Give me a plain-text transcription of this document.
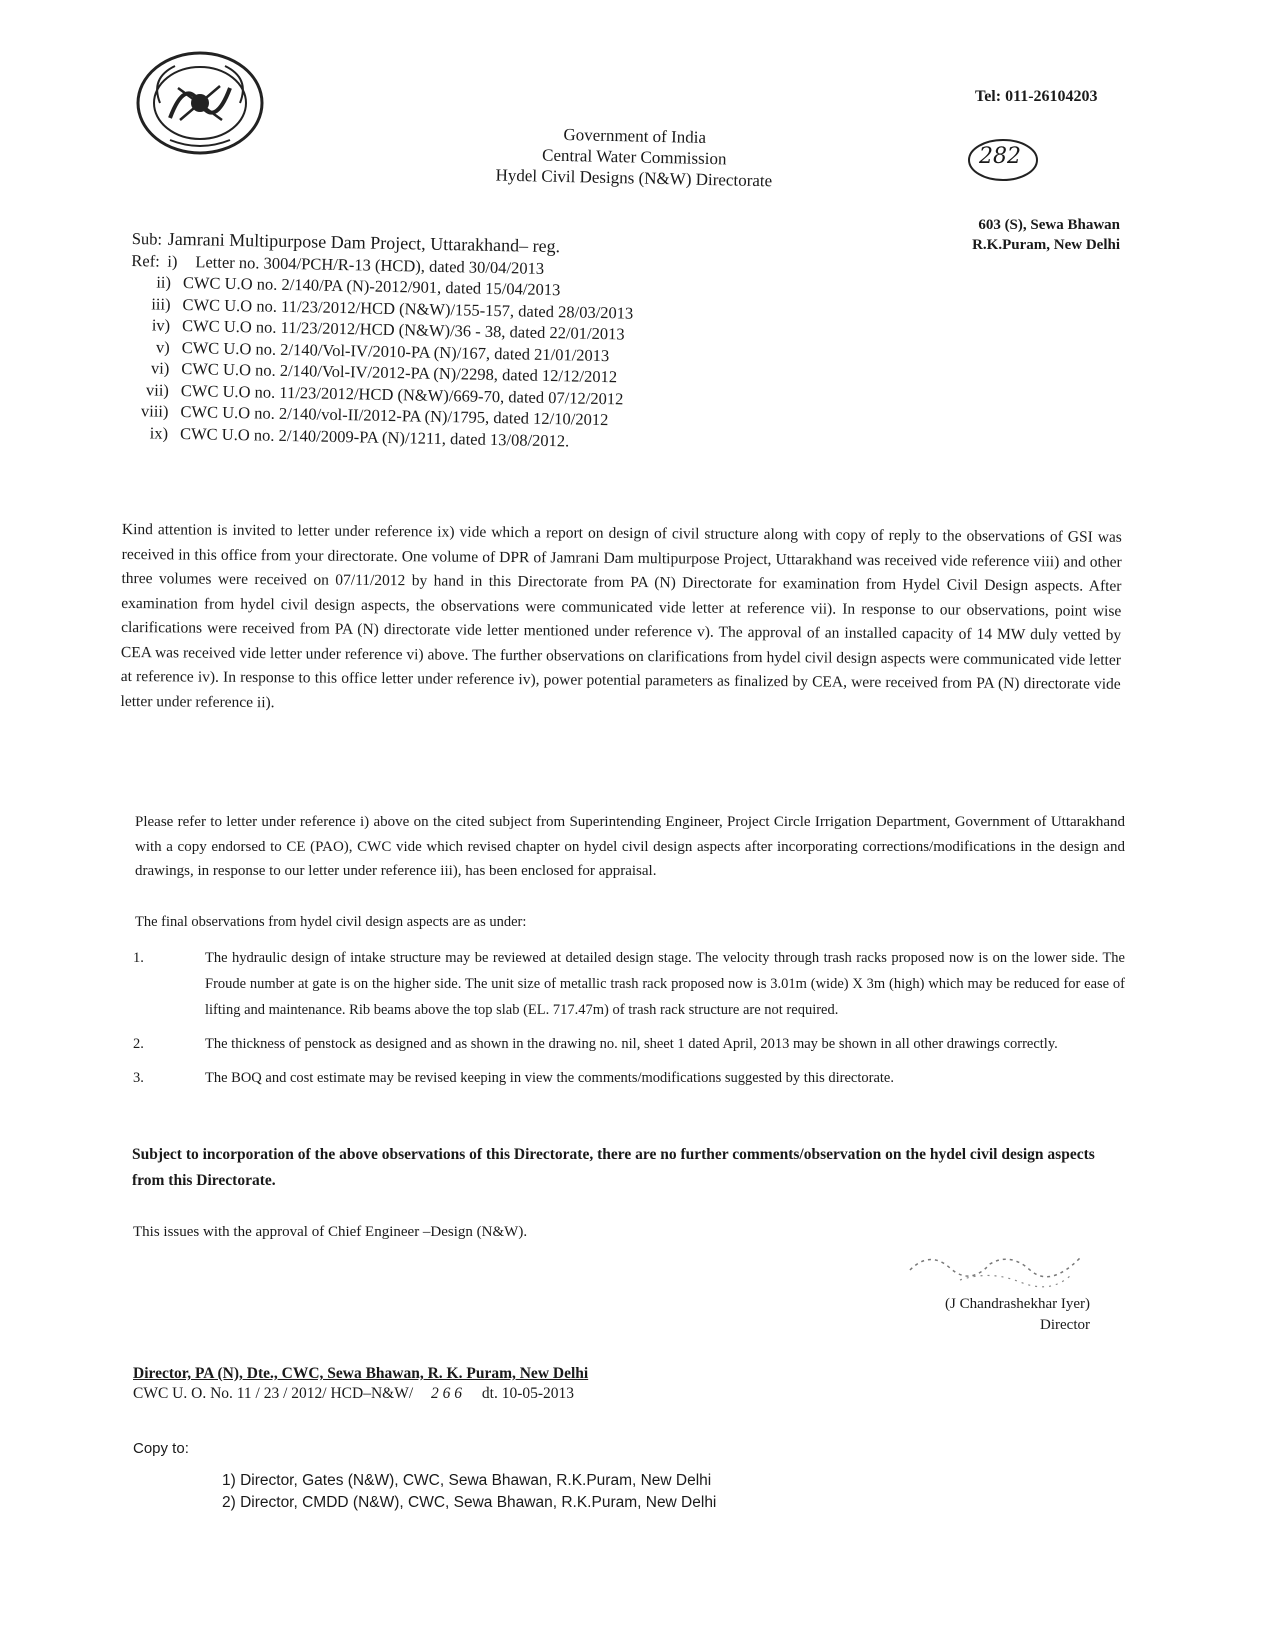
Tel: 011-26104203
282
Government of India
Central Water Commission
Hydel Civil Designs (N&W) Directorate
603 (S), Sewa Bhawan
R.K.Puram, New Delhi
Sub: Jamrani Multipurpose Dam Project, Uttarakhand– reg.
Ref: i)	Letter no. 3004/PCH/R-13 (HCD), dated 30/04/2013
ii) CWC U.O no. 2/140/PA (N)-2012/901, dated 15/04/2013
iii) CWC U.O no. 11/23/2012/HCD (N&W)/155-157, dated 28/03/2013
iv) CWC U.O no. 11/23/2012/HCD (N&W)/36 - 38, dated 22/01/2013
v) CWC U.O no. 2/140/Vol-IV/2010-PA (N)/167, dated 21/01/2013
vi) CWC U.O no. 2/140/Vol-IV/2012-PA (N)/2298, dated 12/12/2012
vii) CWC U.O no. 11/23/2012/HCD (N&W)/669-70, dated 07/12/2012
viii) CWC U.O no. 2/140/vol-II/2012-PA (N)/1795, dated 12/10/2012
ix) CWC U.O no. 2/140/2009-PA (N)/1211, dated 13/08/2012.
Kind attention is invited to letter under reference ix) vide which a report on design of civil structure along with copy of reply to the observations of GSI was received in this office from your directorate. One volume of DPR of Jamrani Dam multipurpose Project, Uttarakhand was received vide reference viii) and other three volumes were received on 07/11/2012 by hand in this Directorate from PA (N) Directorate for examination from Hydel Civil Design aspects. After examination from hydel civil design aspects, the observations were communicated vide letter at reference vii). In response to our observations, point wise clarifications were received from PA (N) directorate vide letter mentioned under reference v). The approval of an installed capacity of 14 MW duly vetted by CEA was received vide letter under reference vi) above. The further observations on clarifications from hydel civil design aspects were communicated vide letter at reference iv). In response to this office letter under reference iv), power potential parameters as finalized by CEA, were received from PA (N) directorate vide letter under reference ii).
Please refer to letter under reference i) above on the cited subject from Superintending Engineer, Project Circle Irrigation Department, Government of Uttarakhand with a copy endorsed to CE (PAO), CWC vide which revised chapter on hydel civil design aspects after incorporating corrections/modifications in the design and drawings, in response to our letter under reference iii), has been enclosed for appraisal.
The final observations from hydel civil design aspects are as under:
1.	The hydraulic design of intake structure may be reviewed at detailed design stage. The velocity through trash racks proposed now is on the lower side. The Froude number at gate is on the higher side. The unit size of metallic trash rack proposed now is 3.01m (wide) X 3m (high) which may be reduced for ease of lifting and maintenance. Rib beams above the top slab (EL. 717.47m) of trash rack structure are not required.
2.	The thickness of penstock as designed and as shown in the drawing no. nil, sheet 1 dated April, 2013 may be shown in all other drawings correctly.
3.	The BOQ and cost estimate may be revised keeping in view the comments/modifications suggested by this directorate.
Subject to incorporation of the above observations of this Directorate, there are no further comments/observation on the hydel civil design aspects from this Directorate.
This issues with the approval of Chief Engineer –Design (N&W).
(J Chandrashekhar Iyer)
Director
Director, PA (N), Dte., CWC, Sewa Bhawan, R. K. Puram, New Delhi
CWC U. O. No. 11 / 23 / 2012/ HCD–N&W/ 2 6 6 dt. 10-05-2013
Copy to:
1) Director, Gates (N&W), CWC, Sewa Bhawan, R.K.Puram, New Delhi
2) Director, CMDD (N&W), CWC, Sewa Bhawan, R.K.Puram, New Delhi
